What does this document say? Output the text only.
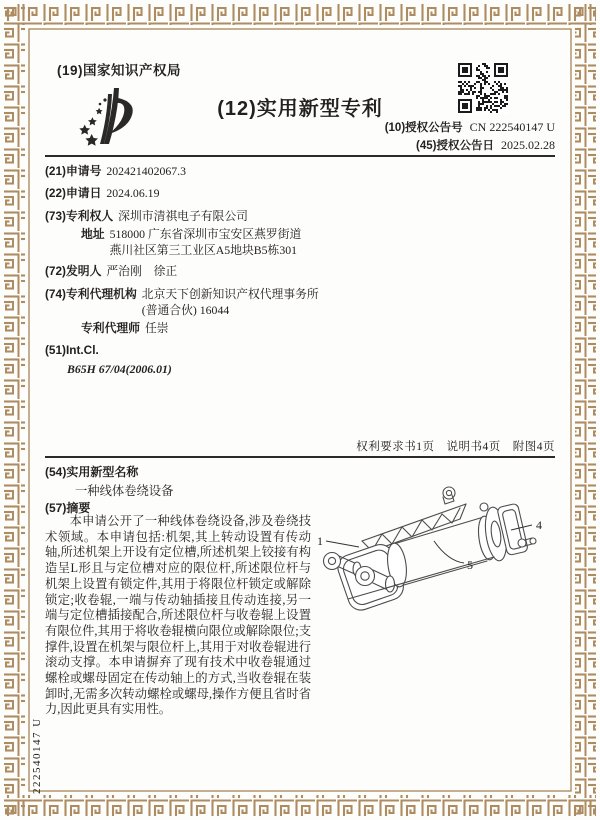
(19)国家知识产权局
(12)实用新型专利
(10)授权公告号 CN 222540147 U
(45)授权公告日 2025.02.28
(21)申请号 202421402067.3
(22)申请日 2024.06.19
(73)专利权人 深圳市清祺电子有限公司
地址 518000 广东省深圳市宝安区燕罗街道燕川社区第三工业区A5地块B5栋301
(72)发明人 严治刚　徐正
(74)专利代理机构 北京天下创新知识产权代理事务所(普通合伙) 16044
专利代理师 任崇
(51)Int.Cl.
B65H 67/04(2006.01)
权利要求书1页　说明书4页　附图4页
(54)实用新型名称
一种线体卷绕设备
(57)摘要
本申请公开了一种线体卷绕设备,涉及卷绕技术领域。本申请包括:机架,其上转动设置有传动轴,所述机架上开设有定位槽,所述机架上铰接有构造呈L形且与定位槽对应的限位杆,所述限位杆与机架上设置有锁定件,其用于将限位杆锁定或解除锁定;收卷辊,一端与传动轴插接且传动连接,另一端与定位槽插接配合,所述限位杆与收卷辊上设置有限位件,其用于将收卷辊横向限位或解除限位;支撑件,设置在机架与限位杆上,其用于对收卷辊进行滚动支撑。本申请摒弃了现有技术中收卷辊通过螺栓或螺母固定在传动轴上的方式,当收卷辊在装卸时,无需多次转动螺栓或螺母,操作方便且省时省力,因此更具有实用性。
1
4
5
222540147 U
